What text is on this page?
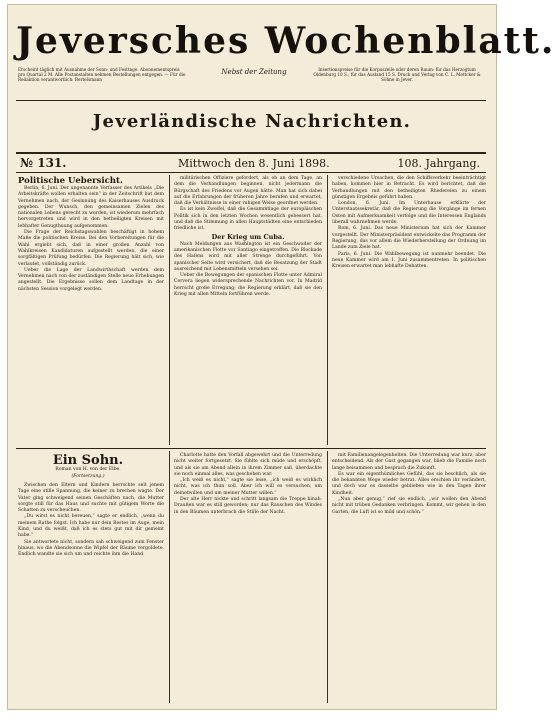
Jeversches Wochenblatt.
Erscheint täglich mit Ausnahme der Sonn- und Festtage. Abonnementspreis pro Quartal 2 M. Alle Postanstalten nehmen Bestellungen entgegen. — Für die Redaktion verantwortlich: Bertelsmann
Nebst der Zeitung	Insertionspreise für die Korpuszeile oder deren Raum: für das Herzogtum Oldenburg 10 S., für das Ausland 15 S. Druck und Verlag von C. L. Mettcker & Söhne in Jever.
Jeverländische Nachrichten.
№ 131.	Mittwoch den 8. Juni 1898.	108. Jahrgang.

Politische Uebersicht.

Berlin, 6. Juni. Der ungenannte Verfasser des Artikels „Die Arbeitskräfte wollen erhalten sein“ in der Zeitschrift hat dem Vernehmen nach, der Gesinnung des Kaiserhauses Ausdruck gegeben. Der Wunsch, den gemeinsamen Zielen des nationalen Lebens gerecht zu werden, ist wiederum mehrfach hervorgetreten und wird in den betheiligten Kreisen mit lebhafter Genugthuung aufgenommen.

Die Frage der Reichstagswahlen beschäftigt in hohem Maße die politischen Kreise. Bei den Vorbereitungen für die Wahl ergiebt sich, daß in einer großen Anzahl von Wahlkreisen Kandidaturen aufgestellt werden, die einer sorgfältigen Prüfung bedürfen. Die Regierung hält sich, wie verlautet, vollständig zurück.

Ueber die Lage der Landwirthschaft werden dem Vernehmen nach von der zuständigen Stelle neue Erhebungen angestellt. Die Ergebnisse sollen dem Landtage in der nächsten Session vorgelegt werden.

militärischen Offiziere gefordert, als ob an dem Tage, an dem die Verhandlungen beginnen, nicht jedermann die Bürgschaft des Friedens vor Augen hätte. Man hat sich dabei auf die Erfahrungen der früheren Jahre berufen und erwartet, daß die Verhältnisse in einer ruhigen Weise geordnet werden.

Es ist kein Zweifel, daß die Gesammtlage der europäischen Politik sich in den letzten Wochen wesentlich gebessert hat, und daß die Stimmung in allen Hauptstädten eine entschieden friedliche ist.

Der Krieg um Cuba.

Nach Meldungen aus Washington ist ein Geschwader der amerikanischen Flotte vor Santiago eingetroffen. Die Blockade des Hafens wird mit aller Strenge durchgeführt. Von spanischer Seite wird versichert, daß die Besatzung der Stadt ausreichend mit Lebensmitteln versehen sei.

Ueber die Bewegungen der spanischen Flotte unter Admiral Cervera liegen widersprechende Nachrichten vor. In Madrid herrscht große Erregung; die Regierung erklärt, daß sie den Krieg mit allen Mitteln fortführen werde.

verschiedene Ursachen, die den Schiffsverkehr beeinträchtigt haben, kommen hier in Betracht. Es wird berichtet, daß die Verhandlungen mit den betheiligten Rhedereien zu einem günstigen Ergebnis geführt haben.

London, 6. Juni. Im Unterhause erklärte der Unterstaatssekretär, daß die Regierung die Vorgänge im fernen Osten mit Aufmerksamkeit verfolge und die Interessen Englands überall wahrnehmen werde.

Rom, 6. Juni. Das neue Ministerium hat sich der Kammer vorgestellt. Der Ministerpräsident entwickelte das Programm der Regierung, das vor allem die Wiederherstellung der Ordnung im Lande zum Ziele hat.

Paris, 6. Juni. Die Wahlbewegung ist nunmehr beendet. Die neue Kammer wird am 1. Juni zusammentreten. In politischen Kreisen erwartet man lebhafte Debatten.

Ein Sohn.
Roman von H. von der Elbe.
(Fortsetzung.)

Zwischen den Eltern und Kindern herrschte seit jenem Tage eine stille Spannung, die keiner zu brechen wagte. Der Vater ging schweigend seinen Geschäften nach, die Mutter sorgte still für das Haus und suchte mit gütigem Worte die Schatten zu verscheuchen.

„Du wirst es nicht bereuen,“ sagte er endlich, „wenn du meinem Rathe folgst. Ich habe nur dein Bestes im Auge, mein Kind, und du weißt, daß ich es stets gut mit dir gemeint habe.“

Sie antwortete nicht, sondern sah schweigend zum Fenster hinaus, wo die Abendsonne die Wipfel der Bäume vergoldete. Endlich wandte sie sich um und reichte ihm die Hand.

Charlotte hatte den Vorfall abgewehrt und die Unterredung nicht weiter fortgesetzt. Sie fühlte sich müde und erschöpft, und als sie am Abend allein in ihrem Zimmer saß, überdachte sie noch einmal alles, was geschehen war.

„Ich weiß es nicht,“ sagte sie leise, „ich weiß es wirklich nicht, was ich thun soll. Aber ich will es versuchen, um deinetwillen und um meiner Mutter willen.“

Der alte Herr nickte und schritt langsam die Treppe hinab. Draußen war es still geworden; nur das Rauschen des Windes in den Bäumen unterbrach die Stille der Nacht.

mit Familienangelegenheiten. Die Unterredung war kurz, aber entscheidend. Als der Gast gegangen war, blieb die Familie noch lange beisammen und besprach die Zukunft.

Es war ein eigenthümliches Gefühl, das sie beschlich, als sie die bekannten Wege wieder betrat. Alles erschien ihr verändert, und doch war es dasselbe geblieben wie in den Tagen ihrer Kindheit.

„Nun aber genug,“ rief sie endlich, „wir wollen den Abend nicht mit trüben Gedanken verbringen. Kommt, wir gehen in den Garten, die Luft ist so mild und schön.“
